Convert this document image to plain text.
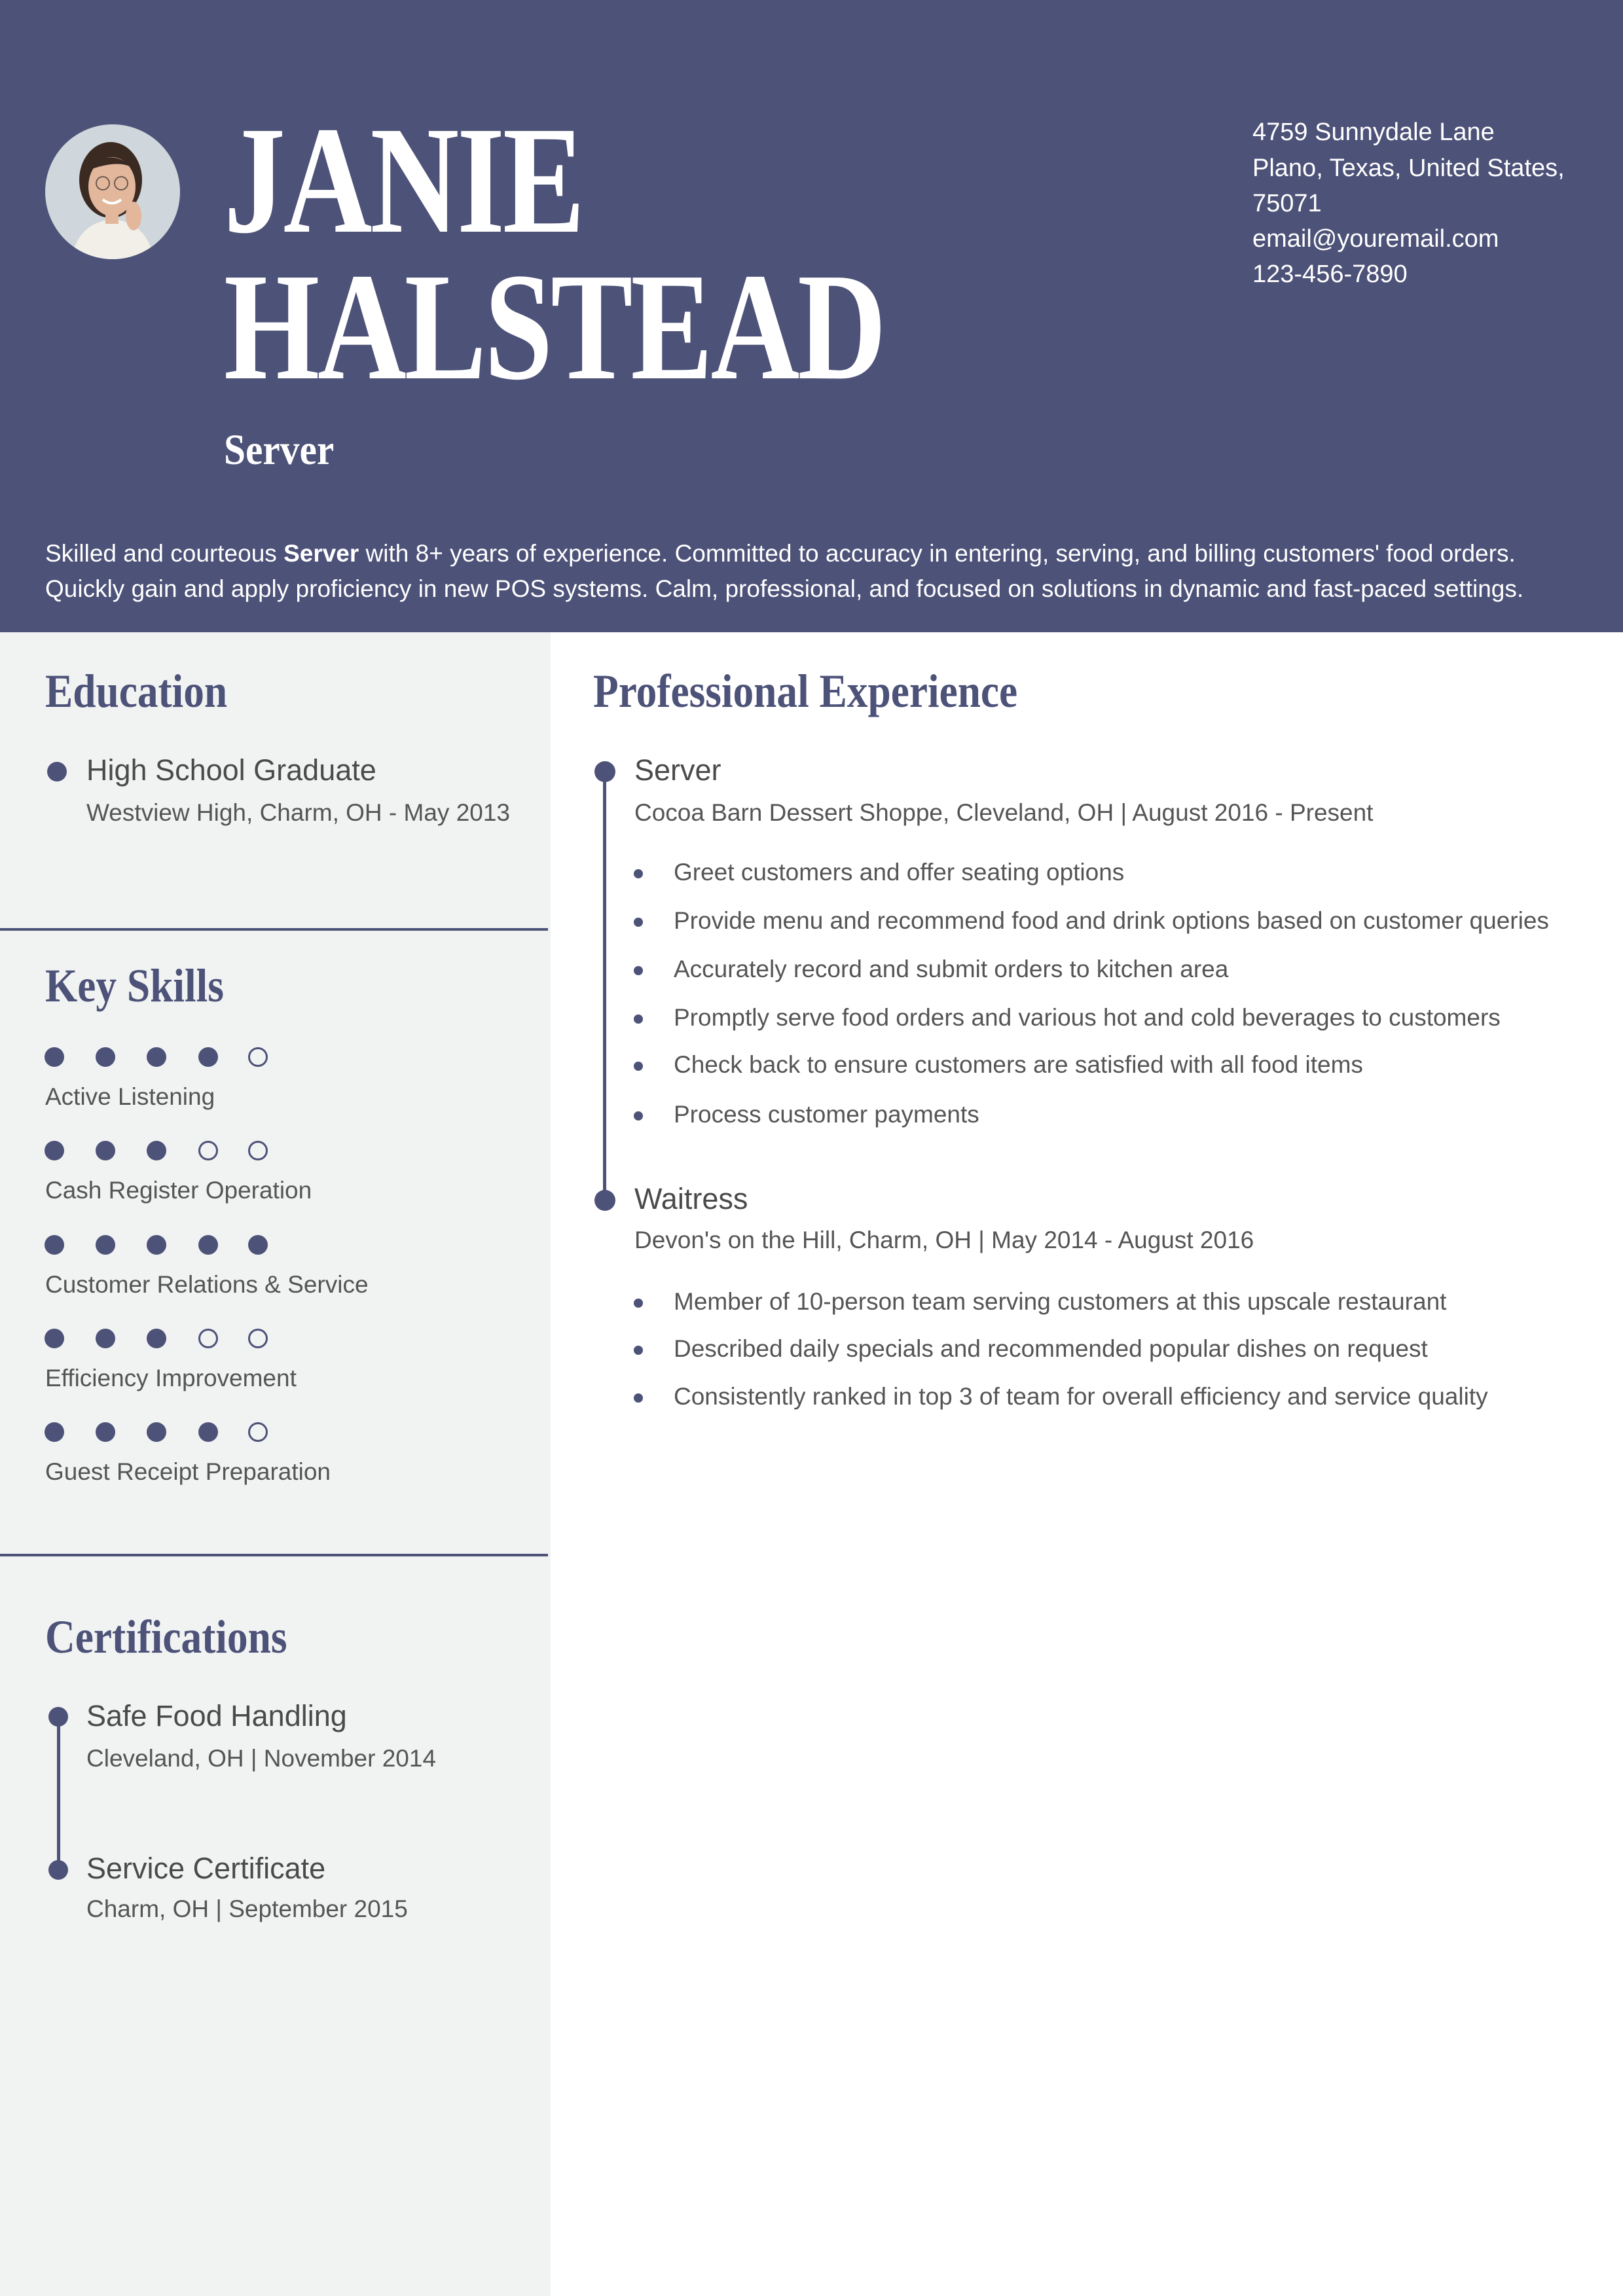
JANIE
HALSTEAD
Server
4759 Sunnydale Lane
Plano, Texas, United States,
75071
email@youremail.com
123-456-7890
Skilled and courteous Server with 8+ years of experience. Committed to accuracy in entering, serving, and billing customers' food orders.
Quickly gain and apply proficiency in new POS systems. Calm, professional, and focused on solutions in dynamic and fast-paced settings.
Education
High School Graduate
Westview High, Charm, OH - May 2013
Key Skills
Active Listening
Cash Register Operation
Customer Relations & Service
Efficiency Improvement
Guest Receipt Preparation
Certifications
Safe Food Handling
Cleveland, OH | November 2014
Service Certificate
Charm, OH | September 2015
Professional Experience
Server
Cocoa Barn Dessert Shoppe, Cleveland, OH | August 2016 - Present
Waitress
Devon's on the Hill, Charm, OH | May 2014 - August 2016
Greet customers and offer seating options
Provide menu and recommend food and drink options based on customer queries
Accurately record and submit orders to kitchen area
Promptly serve food orders and various hot and cold beverages to customers
Check back to ensure customers are satisfied with all food items
Process customer payments
Member of 10-person team serving customers at this upscale restaurant
Described daily specials and recommended popular dishes on request
Consistently ranked in top 3 of team for overall efficiency and service quality
